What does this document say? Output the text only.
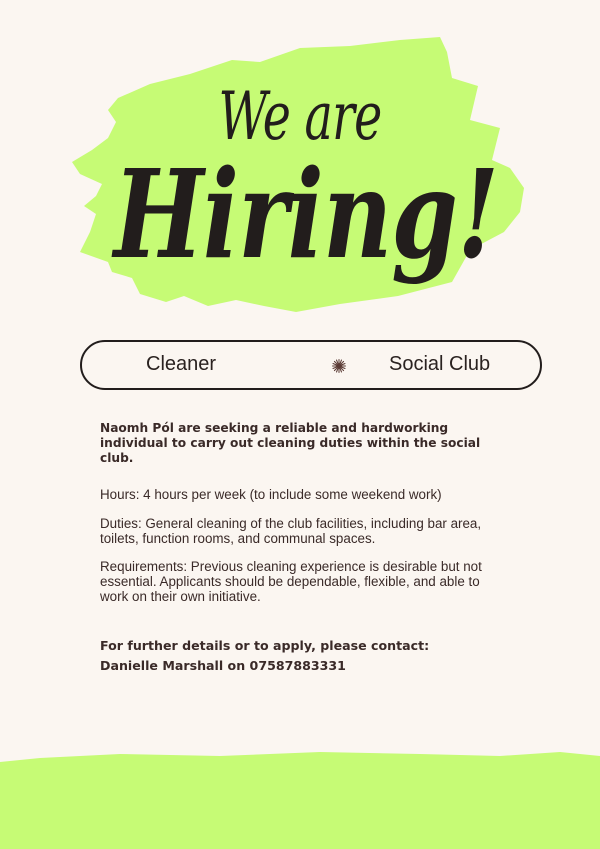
We are
Hiring!
Cleaner	Social Club
Naomh Pól are seeking a reliable and hardworking individual to carry out cleaning duties within the social club.
Hours: 4 hours per week (to include some weekend work)
Duties: General cleaning of the club facilities, including bar area, toilets, function rooms, and communal spaces.
Requirements: Previous cleaning experience is desirable but not essential. Applicants should be dependable, flexible, and able to work on their own initiative.
For further details or to apply, please contact:
Danielle Marshall on 07587883331
